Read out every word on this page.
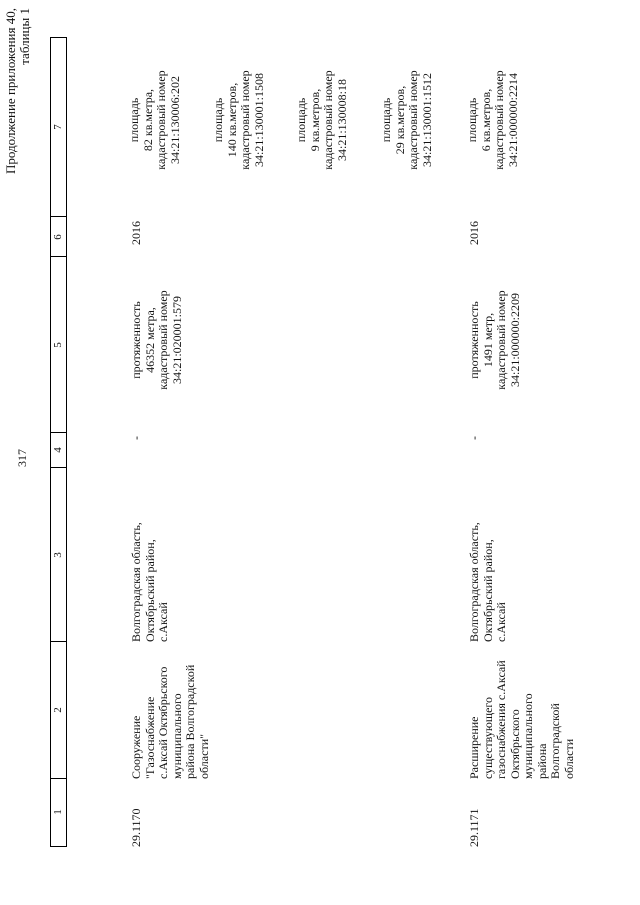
317
Продолжение приложения 40, таблицы 1
1
2
3
4
5
6
7
29.1170
Сооружение "Газоснабжение с.Аксай Октябрьского муниципального района Волгоградской области"
Волгоградская область, Октябрьский район, с.Аксай
-
протяженность 46352 метра, кадастровый номер 34:21:020001:579
2016
площадь 82 кв.метра, кадастровый номер 34:21:130006:202 площадь 140 кв.метров, кадастровый номер 34:21:130001:1508 площадь 9 кв.метров, кадастровый номер 34:21:130008:18	площадь 29 кв.метров, кадастровый номер 34:21:130001:1512
29.1171
Расширение существующего газоснабжения с.Аксай Октябрьского муниципального района Волгоградской области
Волгоградская область, Октябрьский район, с.Аксай
-
протяженность 1491 метр, кадастровый номер 34:21:000000:2209
2016
площадь 6 кв.метров, кадастровый номер 34:21:000000:2214
